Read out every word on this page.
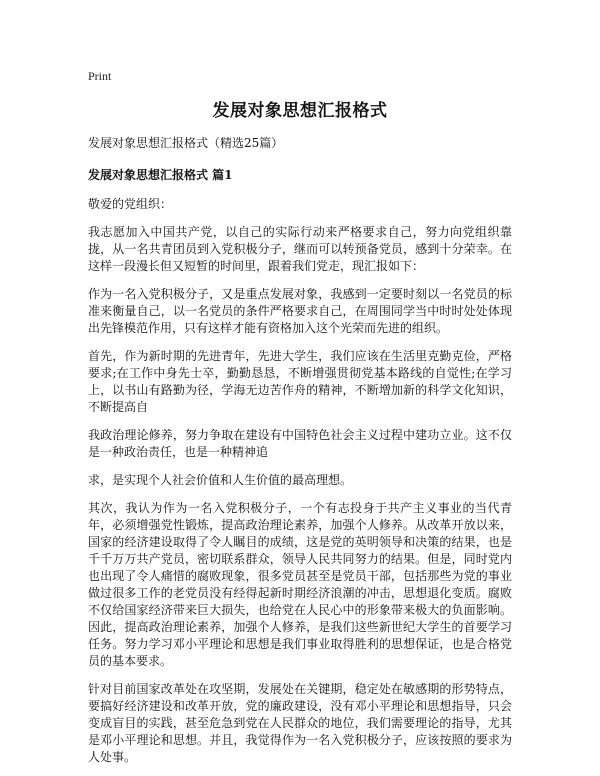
Print
发展对象思想汇报格式
发展对象思想汇报格式（精选25篇）
发展对象思想汇报格式 篇1
敬爱的党组织：
我志愿加入中国共产党，以自己的实际行动来严格要求自己，努力向党组织靠拢，从一名共青团员到入党积极分子，继而可以转预备党员，感到十分荣幸。在这样一段漫长但又短暂的时间里，跟着我们党走，现汇报如下：
作为一名入党积极分子，又是重点发展对象，我感到一定要时刻以一名党员的标准来衡量自己，以一名党员的条件严格要求自己，在周围同学当中时时处处体现出先锋模范作用，只有这样才能有资格加入这个光荣而先进的组织。
首先，作为新时期的先进青年，先进大学生，我们应该在生活里克勤克俭，严格要求;在工作中身先士卒，勤勤恳恳，不断增强贯彻党基本路线的自觉性;在学习上，以书山有路勤为径，学海无边苦作舟的精神，不断增加新的科学文化知识，不断提高自
我政治理论修养，努力争取在建设有中国特色社会主义过程中建功立业。这不仅是一种政治责任，也是一种精神追
求，是实现个人社会价值和人生价值的最高理想。
其次，我认为作为一名入党积极分子，一个有志投身于共产主义事业的当代青年，必须增强党性锻炼，提高政治理论素养，加强个人修养。从改革开放以来，国家的经济建设取得了令人瞩目的成绩，这是党的英明领导和决策的结果，也是千千万万共产党员，密切联系群众，领导人民共同努力的结果。但是，同时党内也出现了令人痛惜的腐败现象，很多党员甚至是党员干部，包括那些为党的事业做过很多工作的老党员没有经得起新时期经济浪潮的冲击，思想退化变质。腐败不仅给国家经济带来巨大损失，也给党在人民心中的形象带来极大的负面影响。因此，提高政治理论素养，加强个人修养，是我们这些新世纪大学生的首要学习任务。努力学习邓小平理论和思想是我们事业取得胜利的思想保证，也是合格党员的基本要求。
针对目前国家改革处在攻坚期，发展处在关键期，稳定处在敏感期的形势特点，要搞好经济建设和改革开放，党的廉政建设，没有邓小平理论和思想指导，只会变成盲目的实践，甚至危急到党在人民群众的地位，我们需要理论的指导，尤其是邓小平理论和思想。并且，我觉得作为一名入党积极分子，应该按照的要求为人处事。
